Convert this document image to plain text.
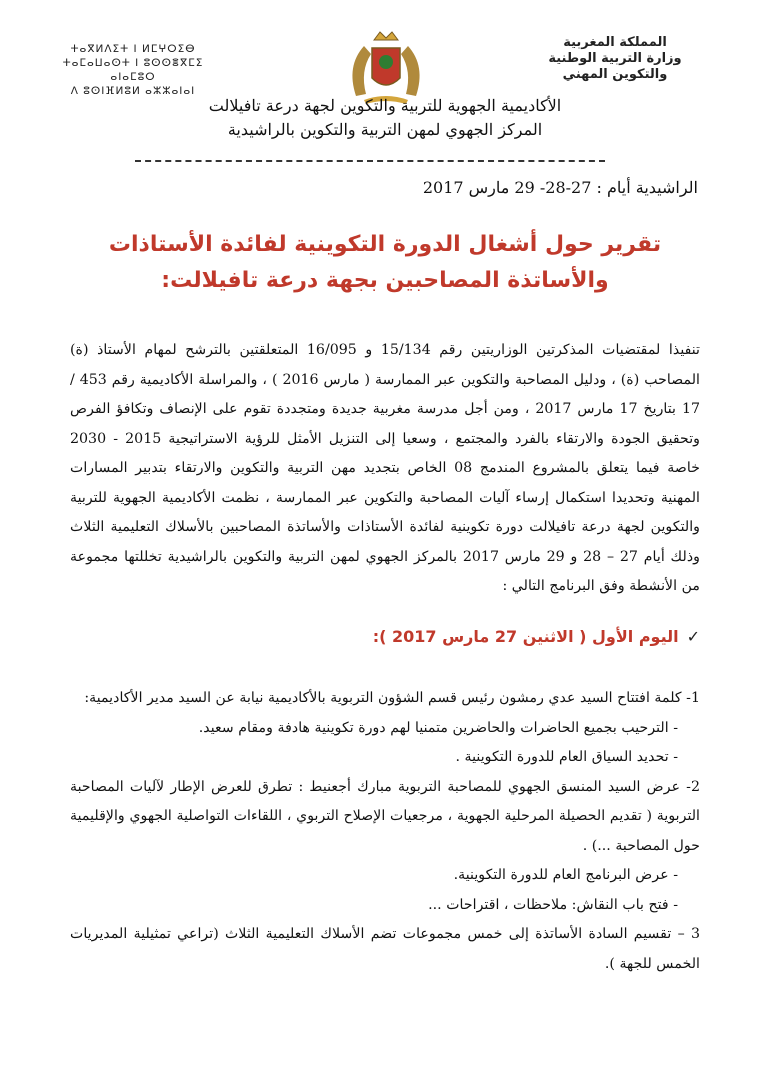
المملكة المغربية
وزارة التربية الوطنية
والتكوين المهني
ⵜⴰⴳⵍⴷⵉⵜ ⵏ ⵍⵎⵖⵔⵉⴱ
ⵜⴰⵎⴰⵡⴰⵙⵜ ⵏ ⵓⵙⵙⴻⴳⵎⵉ ⴰⵏⴰⵎⵓⵔ
ⴷ ⵓⵙⵏⴼⵍⵓⵍ ⴰⵣⵣⴰⵏⴰⵏ
الأكاديمية الجهوية للتربية والتكوين لجهة درعة تافيلالت
المركز الجهوي لمهن التربية والتكوين بالراشيدية
الراشيدية أيام : 27-28- 29 مارس 2017
تقرير حول أشغال الدورة التكوينية لفائدة الأستاذات
والأساتذة المصاحبين بجهة درعة تافيلالت:
تنفيذا لمقتضيات المذكرتين الوزاريتين رقم 15/134 و 16/095 المتعلقتين بالترشح لمهام الأستاذ (ة) المصاحب (ة) ، ودليل المصاحبة والتكوين عبر الممارسة ( مارس 2016 ) ، والمراسلة الأكاديمية رقم 453 / 17 بتاريخ 17 مارس 2017 ، ومن أجل مدرسة مغربية جديدة ومتجددة تقوم على الإنصاف وتكافؤ الفرص وتحقيق الجودة والارتقاء بالفرد والمجتمع ، وسعيا إلى التنزيل الأمثل للرؤية الاستراتيجية 2015 - 2030 خاصة فيما يتعلق بالمشروع المندمج 08 الخاص بتجديد مهن التربية والتكوين والارتقاء بتدبير المسارات المهنية وتحديدا استكمال إرساء آليات المصاحبة والتكوين عبر الممارسة ، نظمت الأكاديمية الجهوية للتربية والتكوين لجهة درعة تافيلالت دورة تكوينية لفائدة الأستاذات والأساتذة المصاحبين بالأسلاك التعليمية الثلاث وذلك أيام 27 – 28 و 29 مارس 2017 بالمركز الجهوي لمهن التربية والتكوين بالراشيدية تخللتها مجموعة من الأنشطة وفق البرنامج التالي :
✓اليوم الأول ( الاثنين 27 مارس 2017 ):

1- كلمة افتتاح السيد عدي رمشون رئيس قسم الشؤون التربوية بالأكاديمية نيابة عن السيد مدير الأكاديمية:

- الترحيب بجميع الحاضرات والحاضرين متمنيا لهم دورة تكوينية هادفة ومقام سعيد.

- تحديد السياق العام للدورة التكوينية .

2- عرض السيد المنسق الجهوي للمصاحبة التربوية مبارك أجعنيط : تطرق للعرض الإطار لآليات المصاحبة التربوية ( تقديم الحصيلة المرحلية الجهوية ، مرجعيات الإصلاح التربوي ، اللقاءات التواصلية الجهوي والإقليمية حول المصاحبة ...) .

- عرض البرنامج العام للدورة التكوينية.

- فتح باب النقاش: ملاحظات ، اقتراحات ...

3 – تقسيم السادة الأساتذة إلى خمس مجموعات تضم الأسلاك التعليمية الثلاث (تراعي تمثيلية المديريات الخمس للجهة ).
